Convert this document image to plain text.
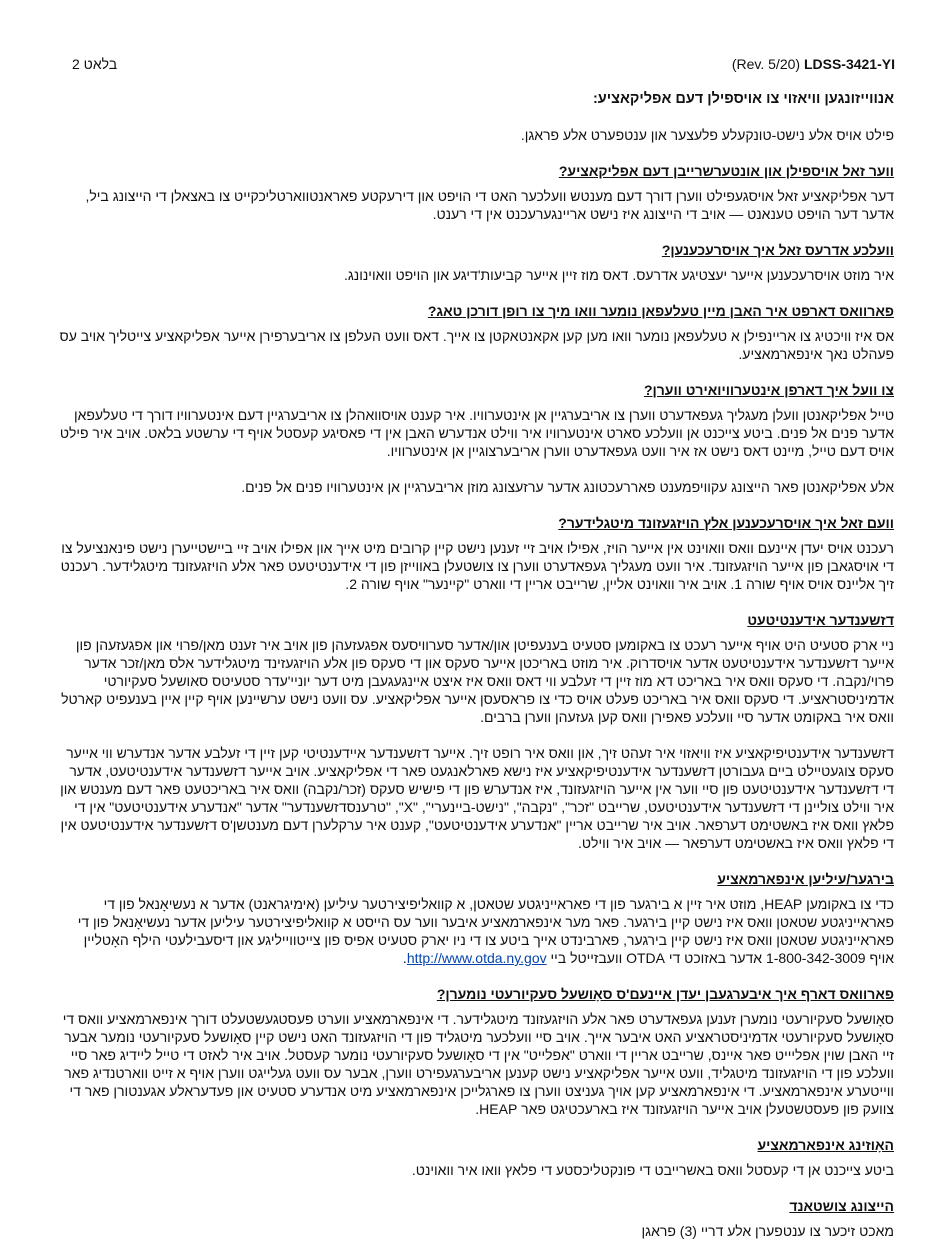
בלאט 2	(Rev. 5/20) LDSS-3421-YI
אנווייזונגען וויאזוי צו אויספילן דעם אפליקאציע:

פילט אויס אלע נישט-טונקעלע פלעצער און ענטפערט אלע פראגן.

ווער זאל אויספילן און אונטערשרייבן דעם אפליקאציע?

דער אפליקאציע זאל אויסגעפילט ווערן דורך דעם מענטש וועלכער האט די הויפט און דירעקטע פאראנטווארטליכקייט צו באצאלן די הייצונג ביל, אדער דער הויפט טענאנט — אויב די הייצונג איז נישט אריינגערעכנט אין די רענט.

וועלכע אדרעס זאל איך אויסרעכענען?

איר מוזט אויסרעכענען אייער יעצטיגע אדרעס. דאס מוז זיין אייער קביעות'דיגע און הויפט וואוינונג.

פארוואס דארפט איר האבן מיין טעלעפאן נומער וואו מיך צו רופן דורכן טאג?

אס איז וויכטיג צו אריינפילן א טעלעפאן נומער וואו מען קען אקאנטאקטן צו אייך. דאס וועט העלפן צו אריבערפירן אייער אפליקאציע צייטליך אויב עס פעהלט נאך אינפארמאציע.

צו וועל איך דארפן אינטערוויואירט ווערן?

טייל אפליקאנטן וועלן מעגליך געפאדערט ווערן צו אריבערגיין אן אינטערוויו. איר קענט אויסוואהלן צו אריבערגיין דעם אינטערוויו דורך די טעלעפאן אדער פנים אל פנים. ביטע צייכנט אן וועלכע סארט אינטערוויו איר ווילט אנדערש האבן אין די פאסיגע קעסטל אויף די ערשטע בלאט. אויב איר פילט אויס דעם טייל, מיינט דאס נישט אז איר וועט געפאדערט ווערן אריבערצוגיין אן אינטערוויו.

אלע אפליקאנטן פאר הייצונג עקוויפמענט פאררעכטונג אדער ערזעצונג מוזן אריבערגיין אן אינטערוויו פנים אל פנים.

וועם זאל איך אויסרעכענען אלץ הויזגעזונד מיטגלידער?

רעכנט אויס יעדן איינעם וואס וואוינט אין אייער הויז, אפילו אויב זיי זענען נישט קיין קרובים מיט אייך און אפילו אויב זיי ביישטייערן נישט פינאנציעל צו די אויסגאבן פון אייער הויזגעזונד. איר וועט מעגליך געפאדערט ווערן צו צושטעלן באווייזן פון די אידענטיטעט פאר אלע הויזגעזונד מיטגלידער. רעכנט זיך אליינס אויס אויף שורה 1. אויב איר וואוינט אליין, שרייבט אריין די ווארט "קיינער" אויף שורה 2.

דזשענדער אידענטיטעט

ניי ארק סטעיט היט אויף אייער רעכט צו באקומען סטעיט בענעפיטן און/אדער סערוויסעס אפגעזעהן פון אויב איר זענט מאן/פרוי און אפגעזעהן פון אייער דזשענדער אידענטיטעט אדער אויסדרוק. איר מוזט באריכטן אייער סעקס און די סעקס פון אלע הויזגעזינד מיטגלידער אלס מאן/זכר אדער פרוי/נקבה. די סעקס וואס איר באריכט דא מוז זיין די זעלבע ווי דאס וואס איז איצט איינגעגעבן מיט דער יוניי'עדר סטעיטס סאושעל סעקיורטי אדמיניסטראציע. די סעקס וואס איר באריכט פעלט אויס כדי צו פראסעסן אייער אפליקאציע. עס וועט נישט ערשיינען אויף קיין איין בענעפיט קארטל וואס איר באקומט אדער סיי וועלכע פאפירן וואס קען געזעהן ווערן ברבים.

דזשענדער אידענטיפיקאציע איז וויאזוי איר זעהט זיך, און וואס איר רופט זיך. אייער דזשענדער איידענטיטי קען זיין די זעלבע אדער אנדערש ווי אייער סעקס צוגעטיילט ביים געבורטן דזשענדער אידענטיפיקאציע איז נישא פארלאנגעט פאר די אפליקאציע. אויב אייער דזשענדער אידענטיטעט, אדער די דזשענדער אידענטיטעט פון סיי ווער אין אייער הויזגעזונד, איז אנדערש פון די פישיש סעקס (זכר/נקבה) וואס איר באריכטעט פאר דעם מענטש און איר ווילט צוליינן די דזשענדער אידענטיטעט, שרייבט "זכר", "נקבה", "נישט-ביינערי", "X", "טרענסדזשענדער" אדער "אנדערע אידענטיטעט" אין די פלאץ וואס איז באשטימט דערפאר. אויב איר שרייבט אריין "אנדערע אידענטיטעט", קענט איר ערקלערן דעם מענטשן'ס דזשענדער אידענטיטעט אין די פלאץ וואס איז באשטימט דערפאר — אויב איר ווילט.

בירגער/עיליען אינפארמאציע

כדי צו באקומען HEAP, מוזט איר זיין א בירגער פון די פאראייניגטע שטאטן, א קוואליפיצירטער עיליען (אימיגראנט) אדער א נעשיאָנאל פון די פאראייניגטע שטאטן וואס איז נישט קיין בירגער. פאר מער אינפארמאציע איבער ווער עס הייסט א קוואליפיצירטער עיליען אדער נעשיאָנאל פון די פאראייניגטע שטאטן וואס איז נישט קיין בירגער, פארבינדט אייך ביטע צו די ניו יארק סטעיט אפיס פון צייטווייליגע און דיסעבילעטי הילף האָטליין אויף 1-800-342-3009 אדער באזוכט די OTDA וועבזייטל ביי http://www.otda.ny.gov.

פארוואס דארף איך איבערגעבן יעדן איינעם'ס סאָושעל סעקיורעטי נומערן?

סאָושעל סעקיורעטי נומערן זענען געפאדערט פאר אלע הויזגעזונד מיטגלידער. די אינפארמאציע ווערט פעסטגעשטעלט דורך אינפארמאציע וואס די סאָושעל סעקיורעטי אדמיניסטראציע האט איבער אייך. אויב סיי וועלכער מיטגליד פון די הויזגעזונד האט נישט קיין סאָושעל סעקיורעטי נומער אבער זיי האבן שוין אפליייט פאר איינס, שרייבט אריין די ווארט "אפלייט" אין די סאָושעל סעקיורעטי נומער קעסטל. אויב איר לאזט די טייל ליידיג פאר סיי וועלכע פון די הויזגעזונד מיטגליד, וועט אייער אפליקאציע נישט קענען אריבערגעפירט ווערן, אבער עס וועט געלייגט ווערן אויף א זייט ווארטנדיג פאר ווייטערע אינפארמאציע. די אינפארמאציע קען אויך געניצט ווערן צו פארגלייכן אינפארמאציע מיט אנדערע סטעיט און פעדעראלע אגענטורן פאר די צוועק פון פעסטשטעלן אויב אייער הויזגעזונד איז בארעכטיגט פאר HEAP.

האָוזינג אינפארמאציע

ביטע צייכנט אן די קעסטל וואס באשרייבט די פונקטליכסטע די פלאץ וואו איר וואוינט.

הייצונג צושטאנד

מאכט זיכער צו ענטפערן אלע דריי (3) פראגן
